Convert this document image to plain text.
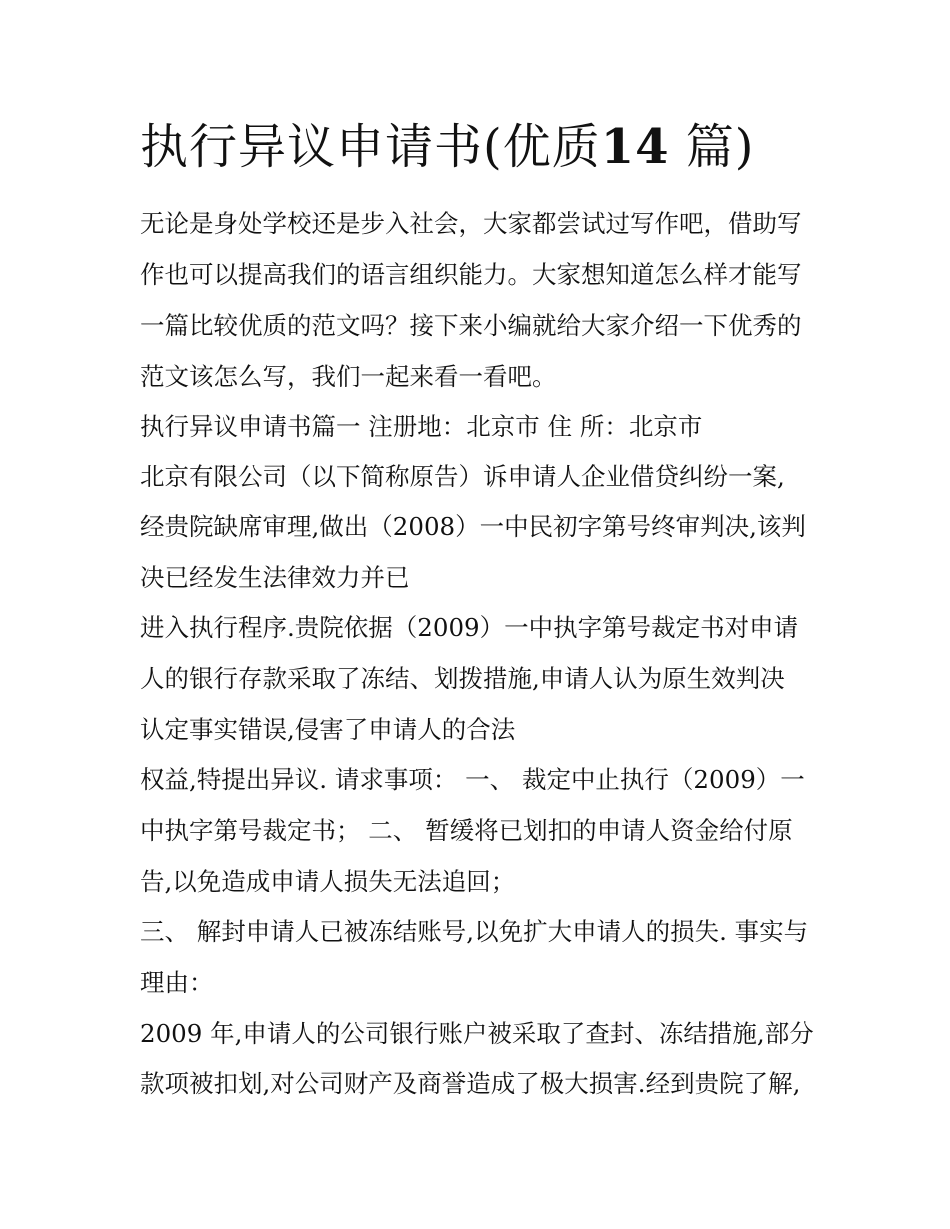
执行异议申请书(优质14 篇)

无论是身处学校还是步入社会，大家都尝试过写作吧，借助写

作也可以提高我们的语言组织能力。大家想知道怎么样才能写

一篇比较优质的范文吗？接下来小编就给大家介绍一下优秀的

范文该怎么写，我们一起来看一看吧。

执行异议申请书篇一 注册地：北京市 住 所：北京市

北京有限公司（以下简称原告）诉申请人企业借贷纠纷一案,

经贵院缺席审理,做出（2008）一中民初字第号终审判决,该判

决已经发生法律效力并已

进入执行程序.贵院依据（2009）一中执字第号裁定书对申请

人的银行存款采取了冻结、划拨措施,申请人认为原生效判决

认定事实错误,侵害了申请人的合法

权益,特提出异议. 请求事项： 一、 裁定中止执行（2009）一

中执字第号裁定书； 二、 暂缓将已划扣的申请人资金给付原

告,以免造成申请人损失无法追回；

三、 解封申请人已被冻结账号,以免扩大申请人的损失. 事实与

理由：

2009 年,申请人的公司银行账户被采取了查封、冻结措施,部分

款项被扣划,对公司财产及商誉造成了极大损害.经到贵院了解,
